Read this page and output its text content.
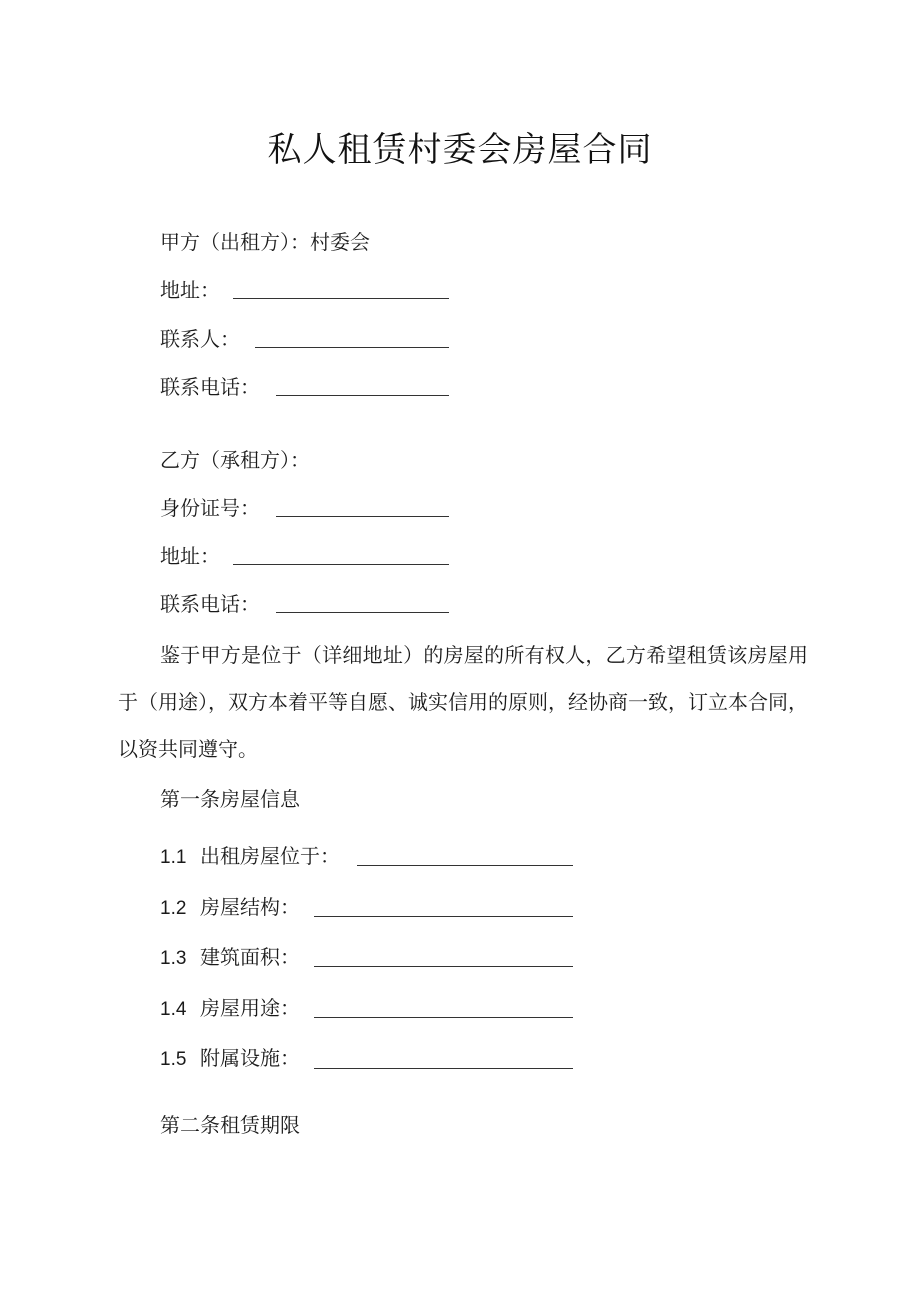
私人租赁村委会房屋合同
甲方（出租方）：村委会
地址：
联系人：
联系电话：
乙方（承租方）：
身份证号：
地址：
联系电话：
鉴于甲方是位于（详细地址）的房屋的所有权人，乙方希望租赁该房屋用于（用途），双方本着平等自愿、诚实信用的原则，经协商一致，订立本合同，以资共同遵守。
第一条房屋信息
1.1 出租房屋位于：
1.2 房屋结构：
1.3 建筑面积：
1.4 房屋用途：
1.5 附属设施：
第二条租赁期限
